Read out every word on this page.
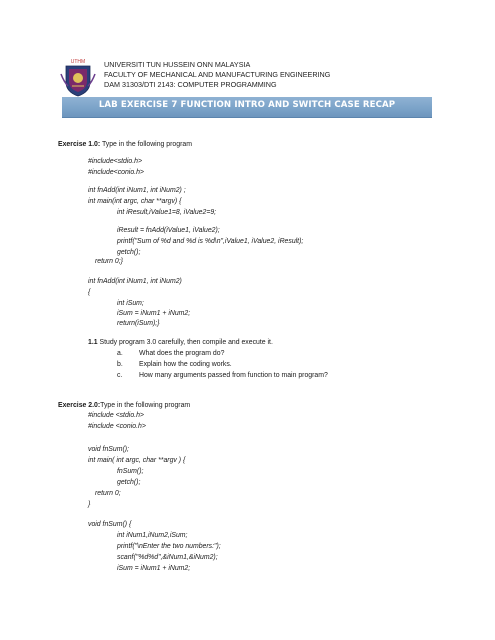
UTHM	UNIVERSITI TUN HUSSEIN ONN MALAYSIA
FACULTY OF MECHANICAL AND MANUFACTURING ENGINEERING
DAM 31303/DTI 2143: COMPUTER PROGRAMMING
LAB EXERCISE 7 FUNCTION INTRO AND SWITCH CASE RECAP
Exercise 1.0: Type in the following program
#include<stdio.h>
#include<conio.h>
int fnAdd(int iNum1, int iNum2) ;
int main(int argc, char **argv) {
int iResult,iValue1=8, iValue2=9;
iResult = fnAdd(iValue1, iValue2);
printf("Sum of %d and %d is %d\n",iValue1, iValue2, iResult);
getch();
return 0;}
int fnAdd(int iNum1, int iNum2)
{
int iSum;
iSum = iNum1 + iNum2;
return(iSum);}
1.1 Study program 3.0 carefully, then compile and execute it.
a. What does the program do?
b. Explain how the coding works.
c. How many arguments passed from function to main program?
Exercise 2.0:Type in the following program
#include <stdio.h>
#include <conio.h>
void fnSum();
int main( int argc, char **argv ) {
fnSum();
getch();
return 0;
}
void fnSum() {
int iNum1,iNum2,iSum;
printf("\nEnter the two numbers:");
scanf("%d%d",&iNum1,&iNum2);
iSum = iNum1 + iNum2;
